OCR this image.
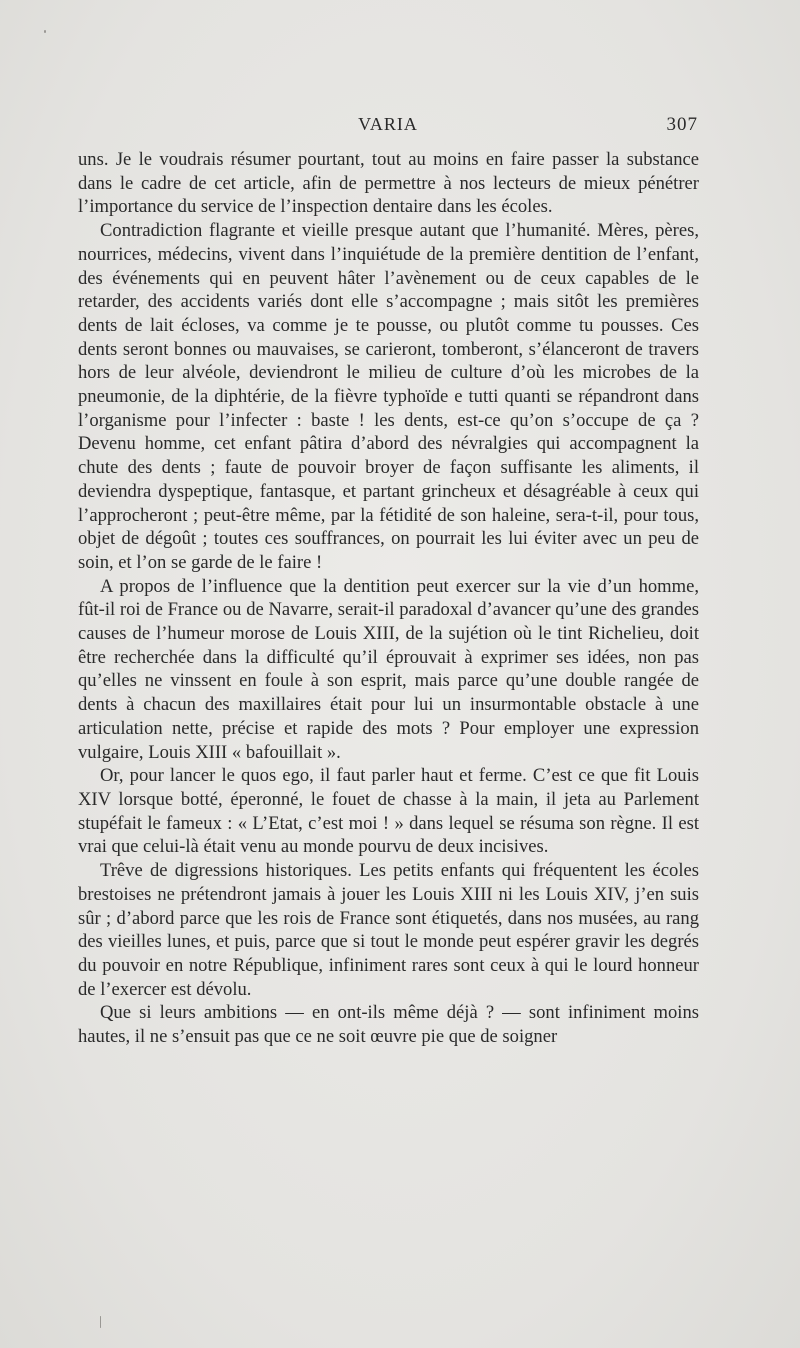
VARIA	307

uns. Je le voudrais résumer pourtant, tout au moins en faire passer la substance dans le cadre de cet article, afin de permettre à nos lecteurs de mieux pénétrer l’importance du service de l’inspection dentaire dans les écoles.

Contradiction flagrante et vieille presque autant que l’humanité. Mères, pères, nourrices, médecins, vivent dans l’inquiétude de la première dentition de l’enfant, des événements qui en peuvent hâter l’avènement ou de ceux capables de le retarder, des accidents variés dont elle s’accompagne ; mais sitôt les premières dents de lait écloses, va comme je te pousse, ou plutôt comme tu pousses. Ces dents seront bonnes ou mauvaises, se carieront, tomberont, s’élanceront de travers hors de leur alvéole, deviendront le milieu de culture d’où les microbes de la pneumonie, de la diphtérie, de la fièvre typhoïde e tutti quanti se répandront dans l’organisme pour l’infecter : baste ! les dents, est-ce qu’on s’occupe de ça ? Devenu homme, cet enfant pâtira d’abord des névralgies qui accompagnent la chute des dents ; faute de pouvoir broyer de façon suffisante les aliments, il deviendra dyspeptique, fantasque, et partant grincheux et désagréable à ceux qui l’approcheront ; peut-être même, par la fétidité de son haleine, sera-t-il, pour tous, objet de dégoût ; toutes ces souffrances, on pourrait les lui éviter avec un peu de soin, et l’on se garde de le faire !

A propos de l’influence que la dentition peut exercer sur la vie d’un homme, fût-il roi de France ou de Navarre, serait-il paradoxal d’avancer qu’une des grandes causes de l’humeur morose de Louis XIII, de la sujétion où le tint Richelieu, doit être recherchée dans la difficulté qu’il éprouvait à exprimer ses idées, non pas qu’elles ne vinssent en foule à son esprit, mais parce qu’une double rangée de dents à chacun des maxillaires était pour lui un insurmontable obstacle à une articulation nette, précise et rapide des mots ? Pour employer une expression vulgaire, Louis XIII « bafouillait ».

Or, pour lancer le quos ego, il faut parler haut et ferme. C’est ce que fit Louis XIV lorsque botté, éperonné, le fouet de chasse à la main, il jeta au Parlement stupéfait le fameux : « L’Etat, c’est moi ! » dans lequel se résuma son règne. Il est vrai que celui-là était venu au monde pourvu de deux incisives.

Trêve de digressions historiques. Les petits enfants qui fréquentent les écoles brestoises ne prétendront jamais à jouer les Louis XIII ni les Louis XIV, j’en suis sûr ; d’abord parce que les rois de France sont étiquetés, dans nos musées, au rang des vieilles lunes, et puis, parce que si tout le monde peut espérer gravir les degrés du pouvoir en notre République, infiniment rares sont ceux à qui le lourd honneur de l’exercer est dévolu.

Que si leurs ambitions — en ont-ils même déjà ? — sont infiniment moins hautes, il ne s’ensuit pas que ce ne soit œuvre pie que de soigner
